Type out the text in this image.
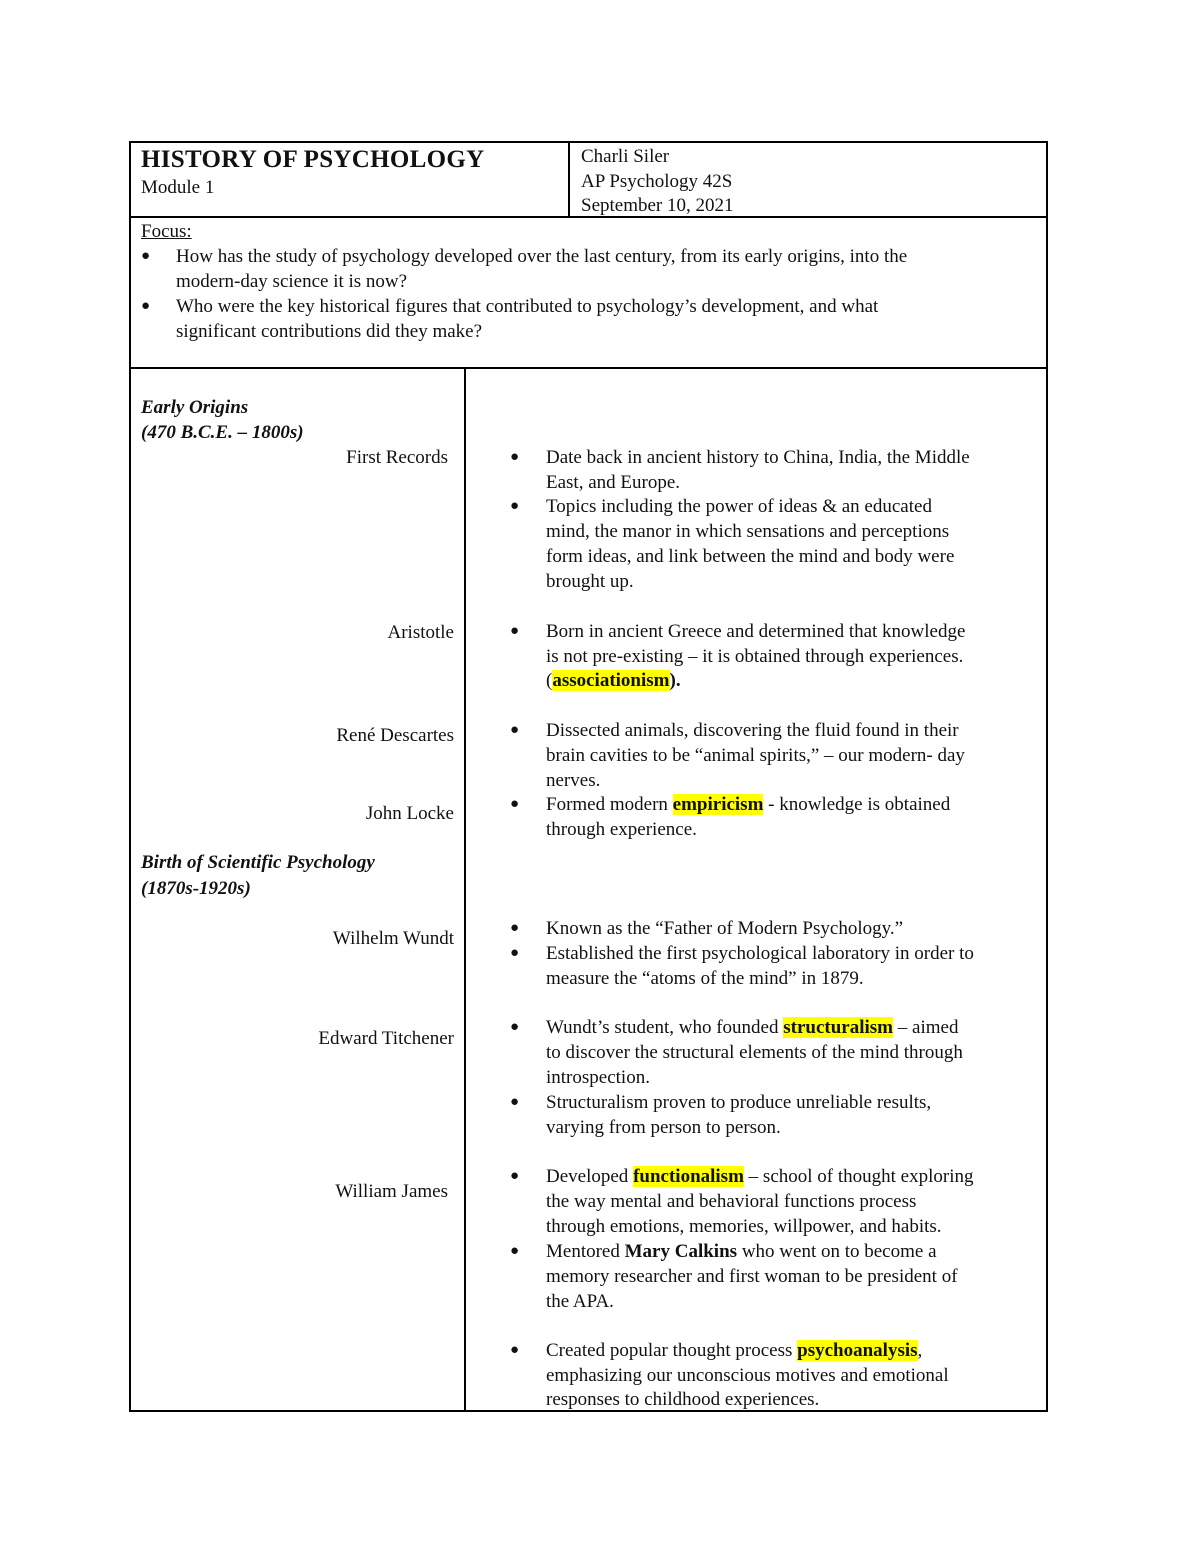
HISTORY OF PSYCHOLOGY
Module 1
Charli Siler
AP Psychology 42S
September 10, 2021
Focus:
● How has the study of psychology developed over the last century, from its early origins, into the
modern-day science it is now?
● Who were the key historical figures that contributed to psychology’s development, and what
significant contributions did they make?
Early Origins
(470 B.C.E. – 1800s)
First Records
Aristotle
René Descartes
John Locke
Birth of Scientific Psychology
(1870s-1920s)
Wilhelm Wundt
Edward Titchener
William James
● Date back in ancient history to China, India, the Middle
East, and Europe.
● Topics including the power of ideas & an educated
mind, the manor in which sensations and perceptions
form ideas, and link between the mind and body were
brought up.
● Born in ancient Greece and determined that knowledge
is not pre-existing – it is obtained through experiences.
(associationism).
● Dissected animals, discovering the fluid found in their
brain cavities to be “animal spirits,” – our modern- day
nerves.
● Formed modern empiricism - knowledge is obtained
through experience.
● Known as the “Father of Modern Psychology.”
● Established the first psychological laboratory in order to
measure the “atoms of the mind” in 1879.
● Wundt’s student, who founded structuralism – aimed
to discover the structural elements of the mind through
introspection.
● Structuralism proven to produce unreliable results,
varying from person to person.
● Developed functionalism – school of thought exploring
the way mental and behavioral functions process
through emotions, memories, willpower, and habits.
● Mentored Mary Calkins who went on to become a
memory researcher and first woman to be president of
the APA.
● Created popular thought process psychoanalysis,
emphasizing our unconscious motives and emotional
responses to childhood experiences.
